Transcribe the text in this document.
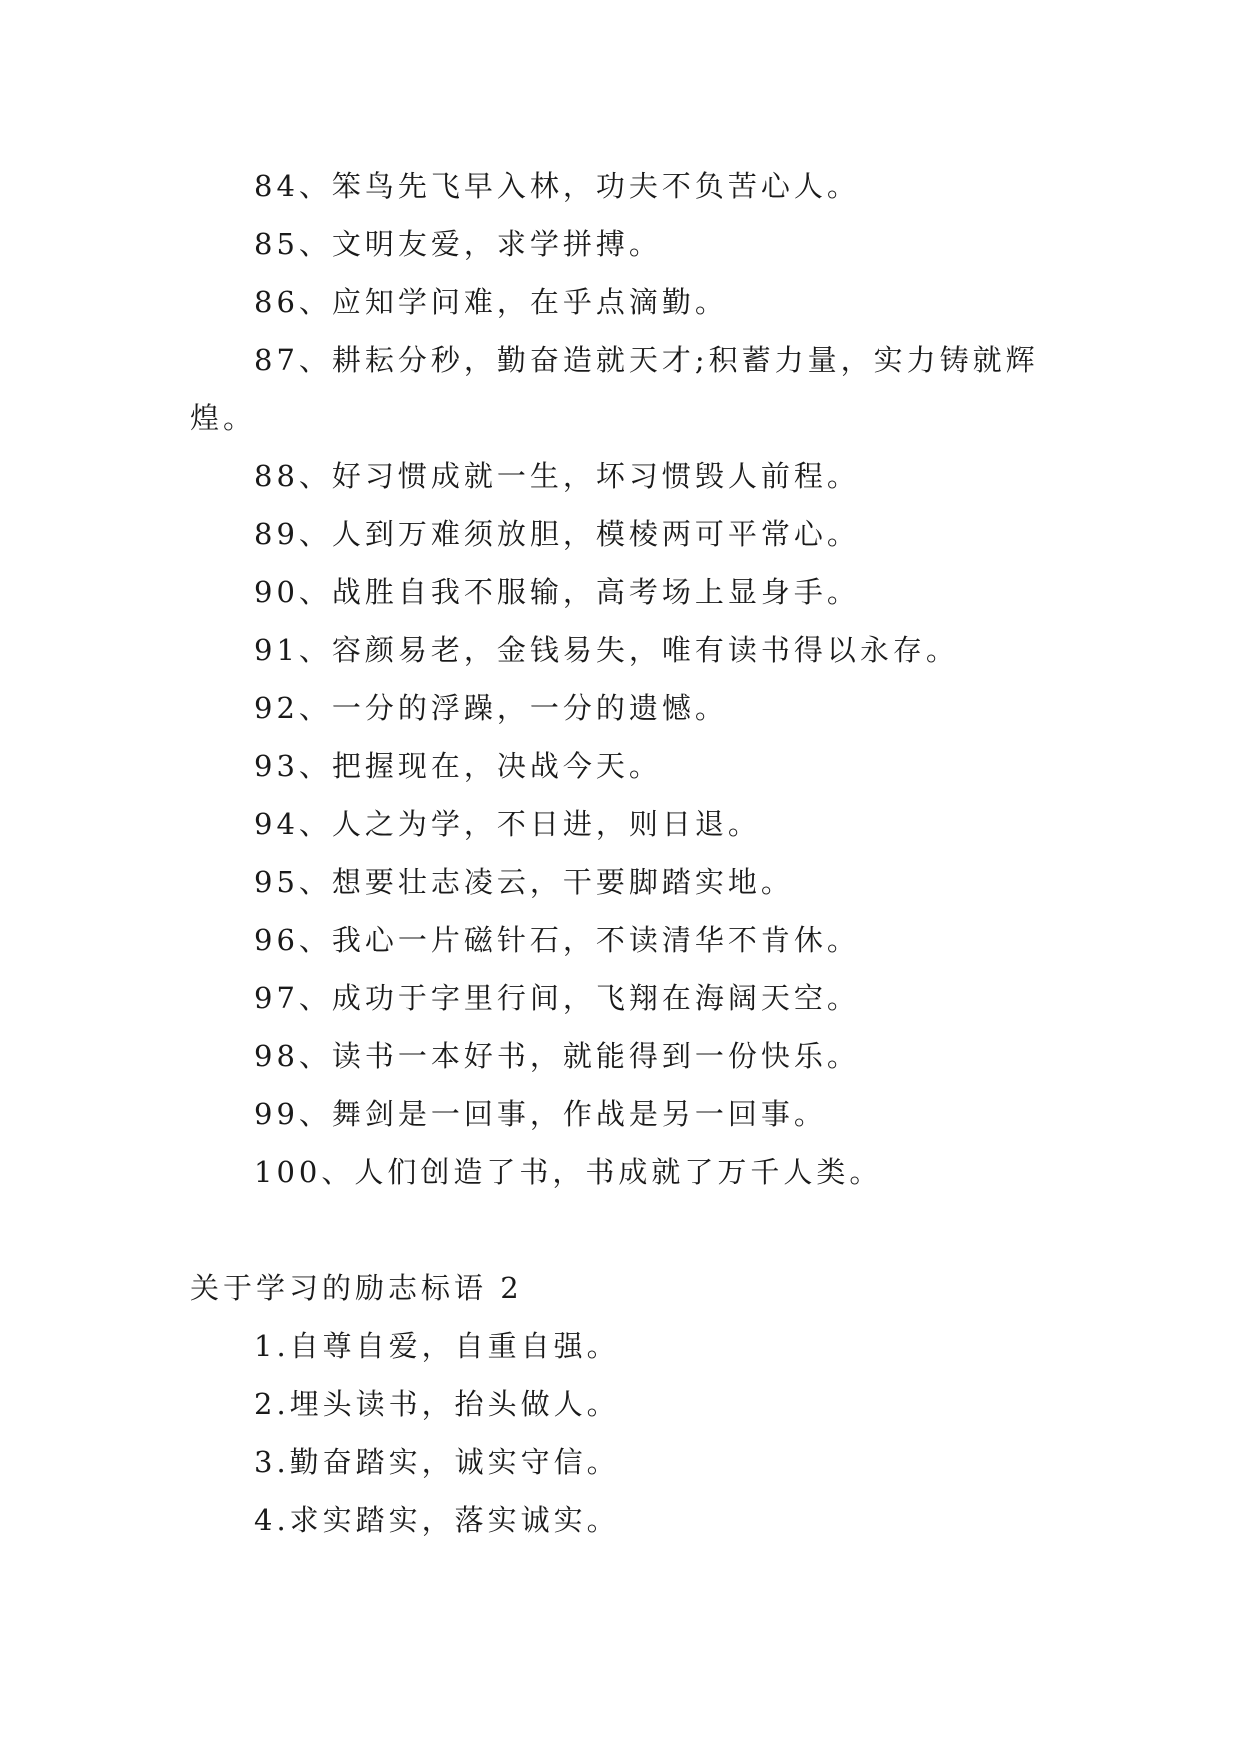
84、笨鸟先飞早入林，功夫不负苦心人。
85、文明友爱，求学拼搏。
86、应知学问难，在乎点滴勤。
87、耕耘分秒，勤奋造就天才;积蓄力量，实力铸就辉
煌。
88、好习惯成就一生，坏习惯毁人前程。
89、人到万难须放胆，模棱两可平常心。
90、战胜自我不服输，高考场上显身手。
91、容颜易老，金钱易失，唯有读书得以永存。
92、一分的浮躁，一分的遗憾。
93、把握现在，决战今天。
94、人之为学，不日进，则日退。
95、想要壮志凌云，干要脚踏实地。
96、我心一片磁针石，不读清华不肯休。
97、成功于字里行间，飞翔在海阔天空。
98、读书一本好书，就能得到一份快乐。
99、舞剑是一回事，作战是另一回事。
100、人们创造了书，书成就了万千人类。
关于学习的励志标语 2
1.自尊自爱，自重自强。
2.埋头读书，抬头做人。
3.勤奋踏实，诚实守信。
4.求实踏实，落实诚实。
